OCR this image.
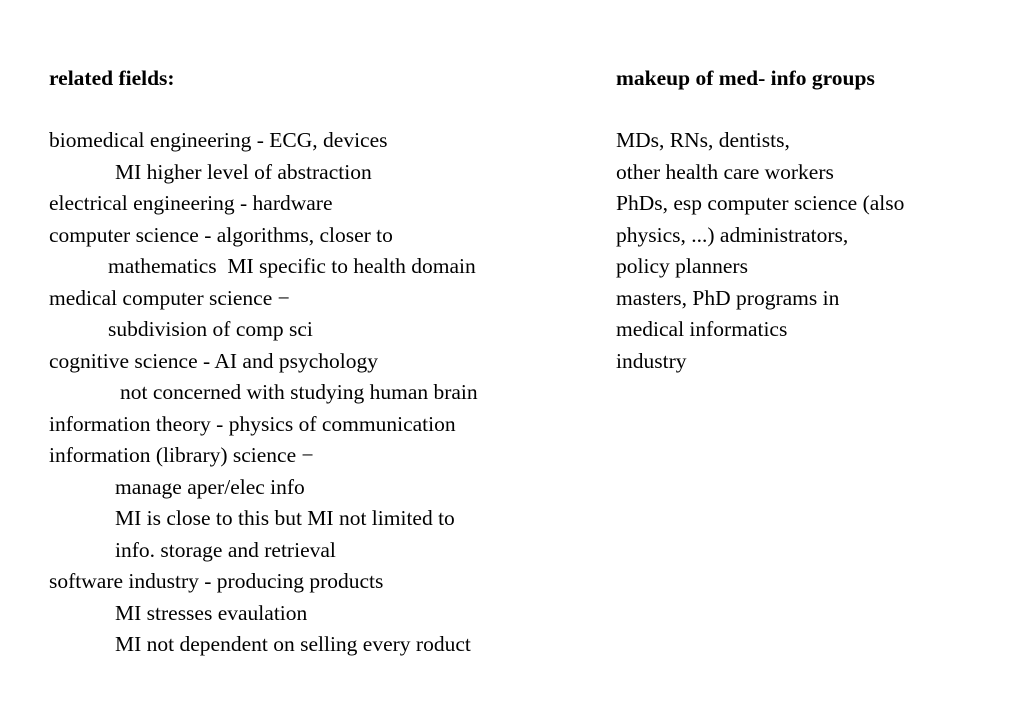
related fields:
biomedical engineering - ECG, devices
MI higher level of abstraction
electrical engineering - hardware
computer science - algorithms, closer to
mathematics  MI specific to health domain
medical computer science −
subdivision of comp sci
cognitive science - AI and psychology
not concerned with studying human brain
information theory - physics of communication
information (library) science −
manage aper/elec info
MI is close to this but MI not limited to
info. storage and retrieval
software industry - producing products
MI stresses evaulation
MI not dependent on selling every roduct
makeup of med- info groups
MDs, RNs, dentists,
other health care workers
PhDs, esp computer science (also
physics, ...) administrators,
policy planners
masters, PhD programs in
medical informatics
industry
